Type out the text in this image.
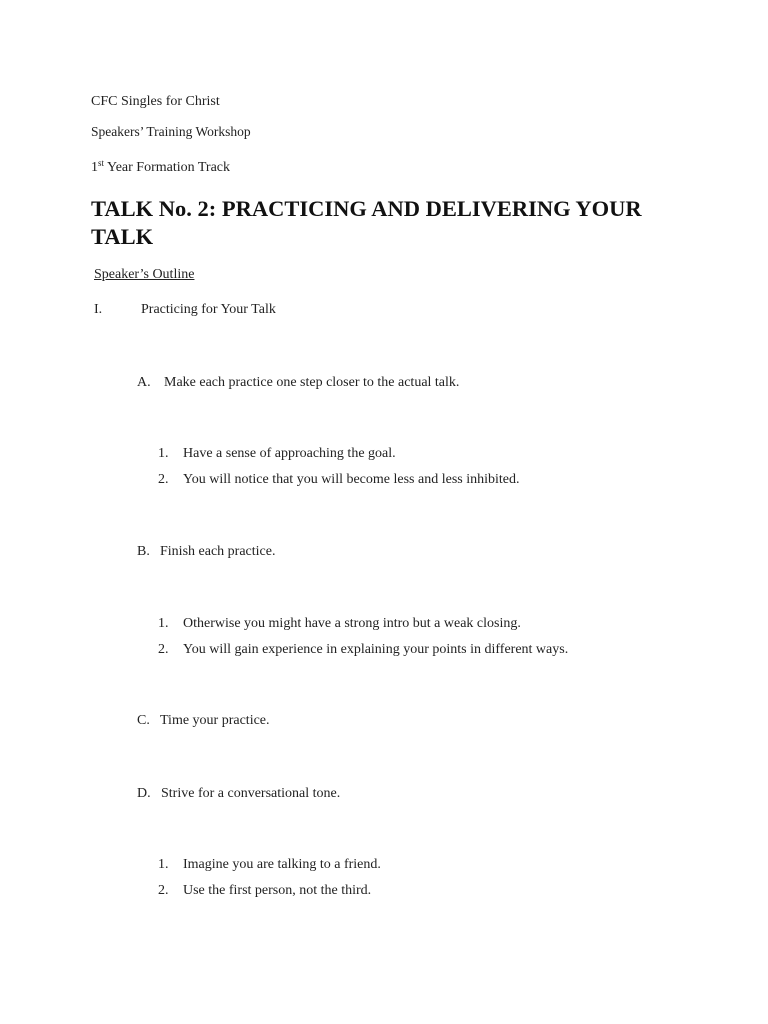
CFC Singles for Christ
Speakers’ Training Workshop
1st Year Formation Track
TALK No. 2: PRACTICING AND DELIVERING YOUR TALK
Speaker’s Outline
I.	Practicing for Your Talk
A. Make each practice one step closer to the actual talk.
1. Have a sense of approaching the goal.
2. You will notice that you will become less and less inhibited.
B. Finish each practice.
1. Otherwise you might have a strong intro but a weak closing.
2. You will gain experience in explaining your points in different ways.
C. Time your practice.
D. Strive for a conversational tone.
1. Imagine you are talking to a friend.
2. Use the first person, not the third.
